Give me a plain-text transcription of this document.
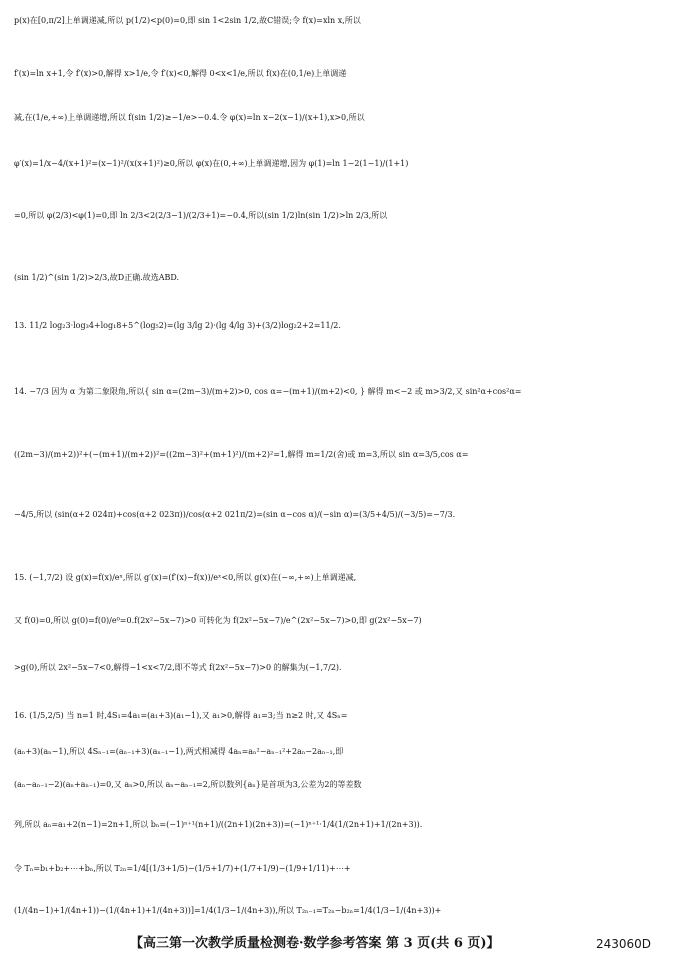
p(x)在[0,π/2]上单调递减,所以 p(1/2)<p(0)=0,即 sin 1<2sin 1/2,故C错误;令 f(x)=xln x,所以
f′(x)=ln x+1,令 f′(x)>0,解得 x>1/e,令 f′(x)<0,解得 0<x<1/e,所以 f(x)在(0,1/e)上单调递
减,在(1/e,+∞)上单调递增,所以 f(sin 1/2)≥−1/e>−0.4.令 φ(x)=ln x−2(x−1)/(x+1),x>0,所以
φ′(x)=1/x−4/(x+1)²=(x−1)²/(x(x+1)²)≥0,所以 φ(x)在(0,+∞)上单调递增,因为 φ(1)=ln 1−2(1−1)/(1+1)
=0,所以 φ(2/3)<φ(1)=0,即 ln 2/3<2(2/3−1)/(2/3+1)=−0.4,所以(sin 1/2)ln(sin 1/2)>ln 2/3,所以
(sin 1/2)^(sin 1/2)>2/3,故D正确.故选ABD.
13. 11/2 log₂3·log₃4+log₁8+5^(log₅2)=(lg 3/lg 2)·(lg 4/lg 3)+(3/2)log₂2+2=11/2.
14. −7/3 因为 α 为第二象限角,所以{ sin α=(2m−3)/(m+2)>0, cos α=−(m+1)/(m+2)<0, } 解得 m<−2 或 m>3/2,又 sin²α+cos²α=
((2m−3)/(m+2))²+(−(m+1)/(m+2))²=((2m−3)²+(m+1)²)/(m+2)²=1,解得 m=1/2(舍)或 m=3,所以 sin α=3/5,cos α=
−4/5,所以 (sin(α+2 024π)+cos(α+2 023π))/cos(α+2 021π/2)=(sin α−cos α)/(−sin α)=(3/5+4/5)/(−3/5)=−7/3.
15. (−1,7/2) 设 g(x)=f(x)/eˣ,所以 g′(x)=(f′(x)−f(x))/eˣ<0,所以 g(x)在(−∞,+∞)上单调递减,
又 f(0)=0,所以 g(0)=f(0)/e⁰=0.f(2x²−5x−7)>0 可转化为 f(2x²−5x−7)/e^(2x²−5x−7)>0,即 g(2x²−5x−7)
>g(0),所以 2x²−5x−7<0,解得−1<x<7/2,即不等式 f(2x²−5x−7)>0 的解集为(−1,7/2).
16. (1/5,2/5) 当 n=1 时,4S₁=4a₁=(a₁+3)(a₁−1),又 a₁>0,解得 a₁=3;当 n≥2 时,又 4Sₙ=
(aₙ+3)(aₙ−1),所以 4Sₙ₋₁=(aₙ₋₁+3)(aₙ₋₁−1),两式相减得 4aₙ=aₙ²−aₙ₋₁²+2aₙ−2aₙ₋₁,即
(aₙ−aₙ₋₁−2)(aₙ+aₙ₋₁)=0,又 aₙ>0,所以 aₙ−aₙ₋₁=2,所以数列{aₙ}是首项为3,公差为2的等差数
列,所以 aₙ=a₁+2(n−1)=2n+1,所以 bₙ=(−1)ⁿ⁺¹(n+1)/((2n+1)(2n+3))=(−1)ⁿ⁺¹·1/4(1/(2n+1)+1/(2n+3)).
令 Tₙ=b₁+b₂+⋯+bₙ,所以 T₂ₙ=1/4[(1/3+1/5)−(1/5+1/7)+(1/7+1/9)−(1/9+1/11)+⋯+
(1/(4n−1)+1/(4n+1))−(1/(4n+1)+1/(4n+3))]=1/4(1/3−1/(4n+3)),所以 T₂ₙ₋₁=T₂ₙ−b₂ₙ=1/4(1/3−1/(4n+3))+
【高三第一次教学质量检测卷·数学参考答案 第 3 页(共 6 页)】	243060D
